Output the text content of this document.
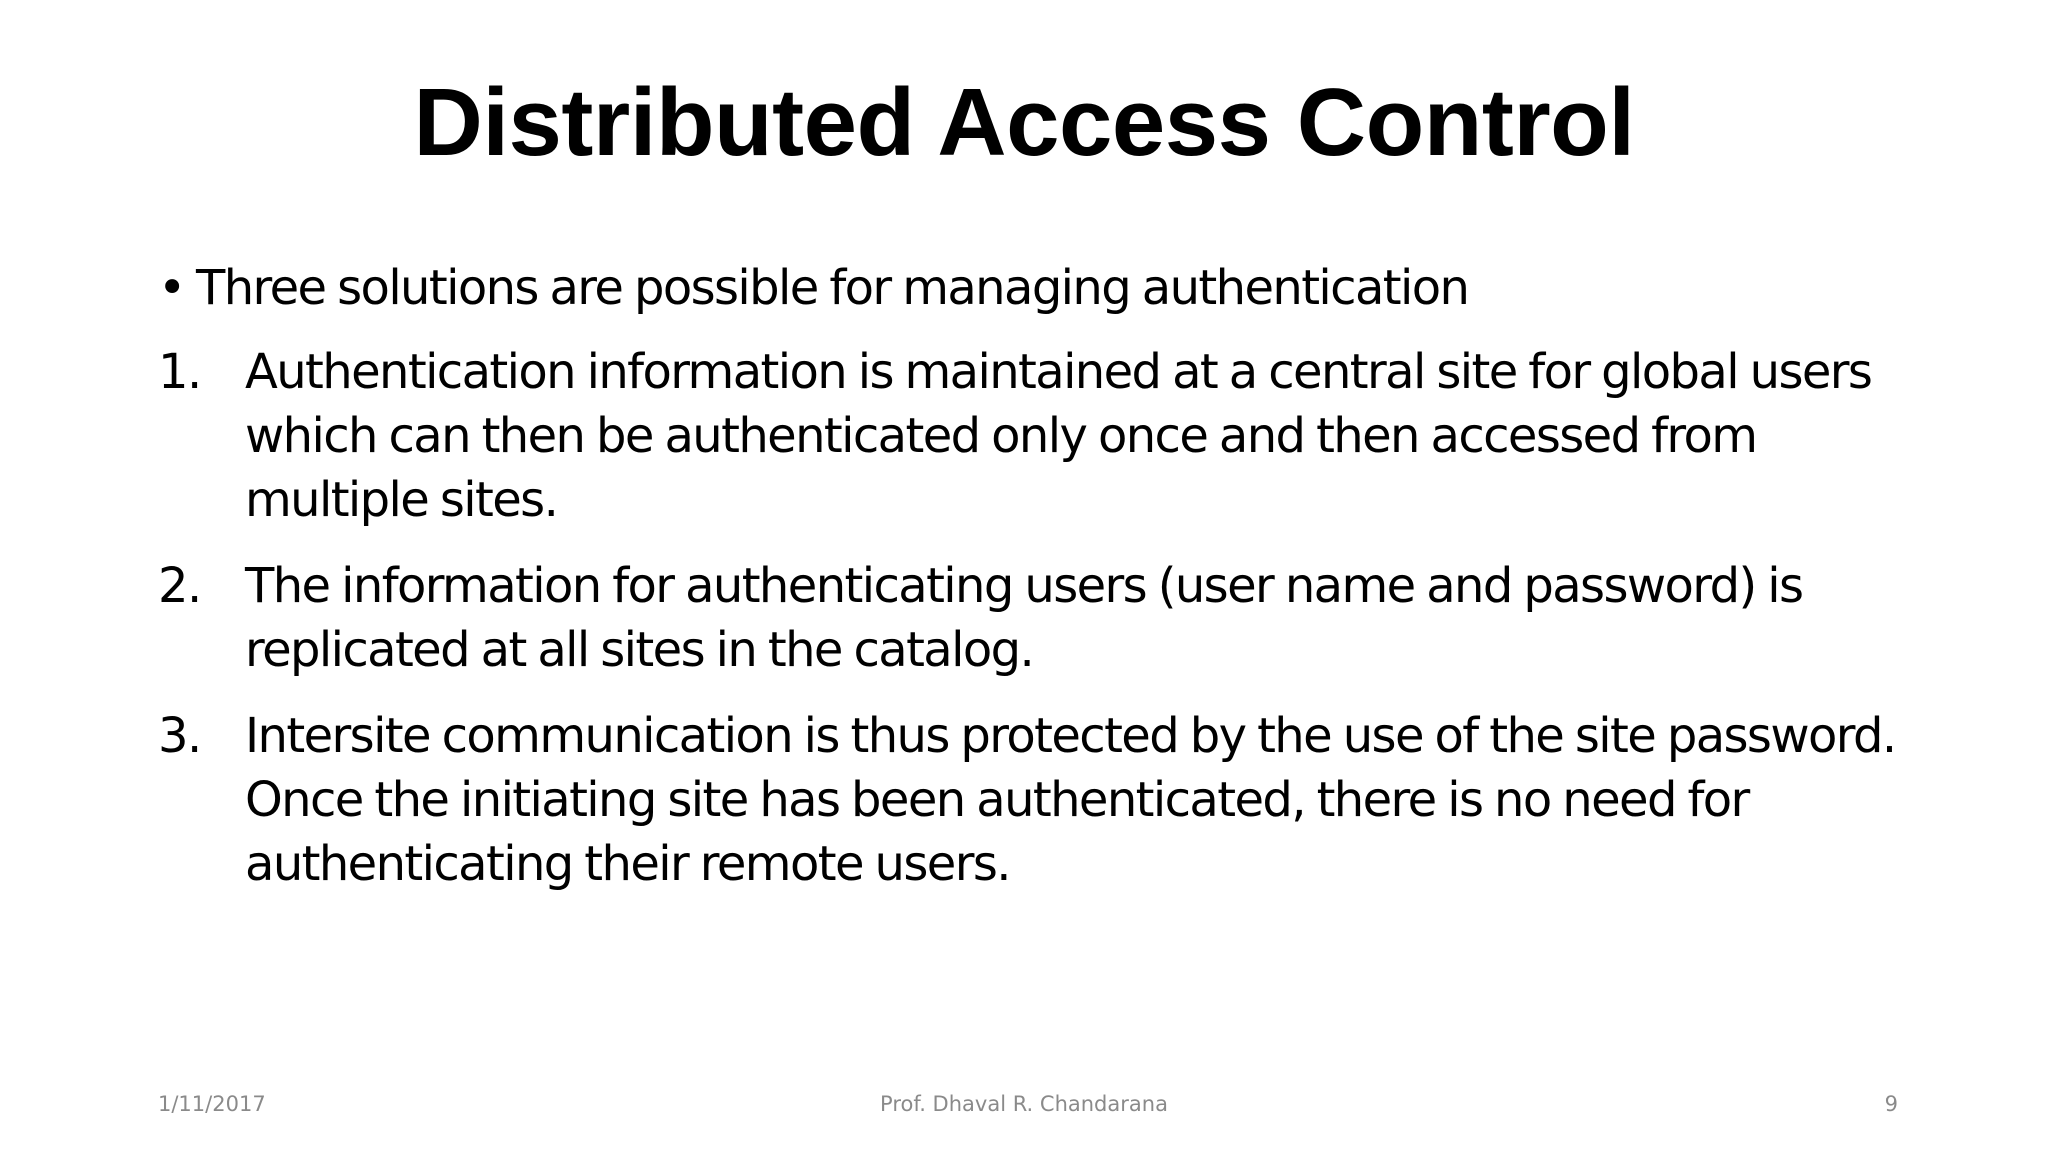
Distributed Access Control
• Three solutions are possible for managing authentication
1. Authentication information is maintained at a central site for global users which can then be authenticated only once and then accessed from multiple sites.
2. The information for authenticating users (user name and password) is replicated at all sites in the catalog.
3. Intersite communication is thus protected by the use of the site password. Once the initiating site has been authenticated, there is no need for authenticating their remote users.
1/11/2017	Prof. Dhaval R. Chandarana	9
